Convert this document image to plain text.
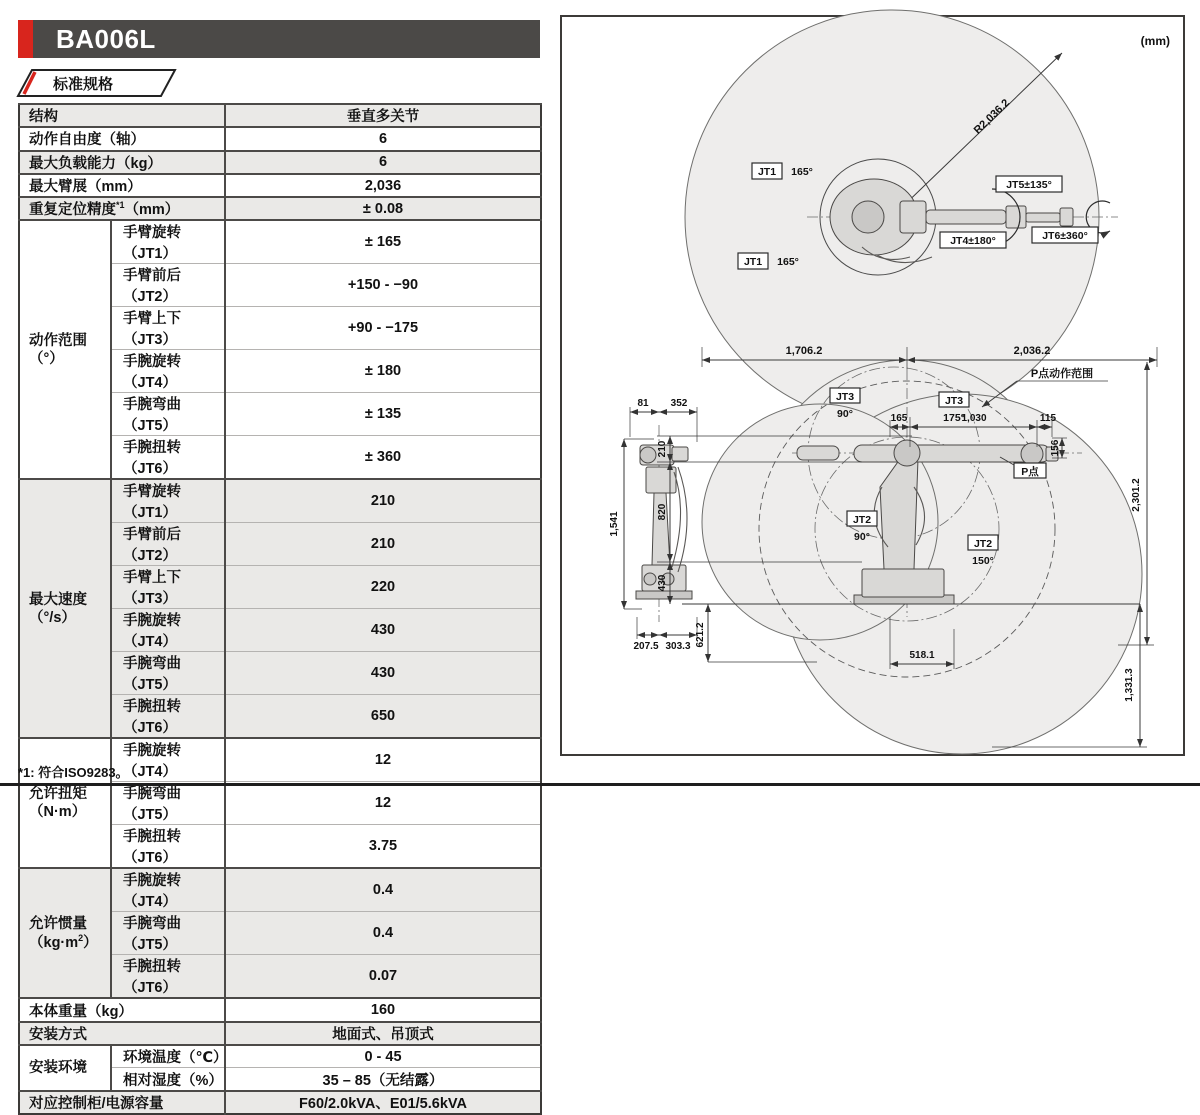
BA006L
标准规格
结构		垂直多关节
动作自由度（轴）		6
最大负载能力（kg）		6
最大臂展（mm）		2,036
重复定位精度$^{*1}$（mm）		± 0.08

动作范围
（°）	手臂旋转（JT1）	± 165
	手臂前后（JT2）	+150 - −90
	手臂上下（JT3）	+90 - −175
	手腕旋转（JT4）	± 180
	手腕弯曲（JT5）	± 135
	手腕扭转（JT6）	± 360

最大速度
（°/s）	手臂旋转（JT1）	210
	手臂前后（JT2）	210
	手臂上下（JT3）	220
	手腕旋转（JT4）	430
	手腕弯曲（JT5）	430
	手腕扭转（JT6）	650

允许扭矩
（N·m）	手腕旋转（JT4）	12
	手腕弯曲（JT5）	12
	手腕扭转（JT6）	3.75

允许惯量
$(kg\cdot m^2)$	手腕旋转（JT4）	0.4
	手腕弯曲（JT5）	0.4
	手腕扭转（JT6）	0.07
本体重量（kg）		160
安装方式		地面式、吊顶式

安装环境	环境温度（℃）	0 - 45
	相对湿度（%）	35 – 85（无结露）
对应控制柜/电源容量		F60/2.0kVA、E01/5.6kVA
*1: 符合ISO9283。
(mm)
R2,036.2
JT1 165°
JT1 165°
JT5±135°
JT4±180°	JT6±360°
81 352
1,541
207.5 303.3
1,706.2	2,036.2
P点动作范围
165	1,030	115
156
P点
210
820
430
621.2
518.1
1,331.3
2,301.2
JT3
90°
JT3
175°
JT2
90°
JT2
150°
